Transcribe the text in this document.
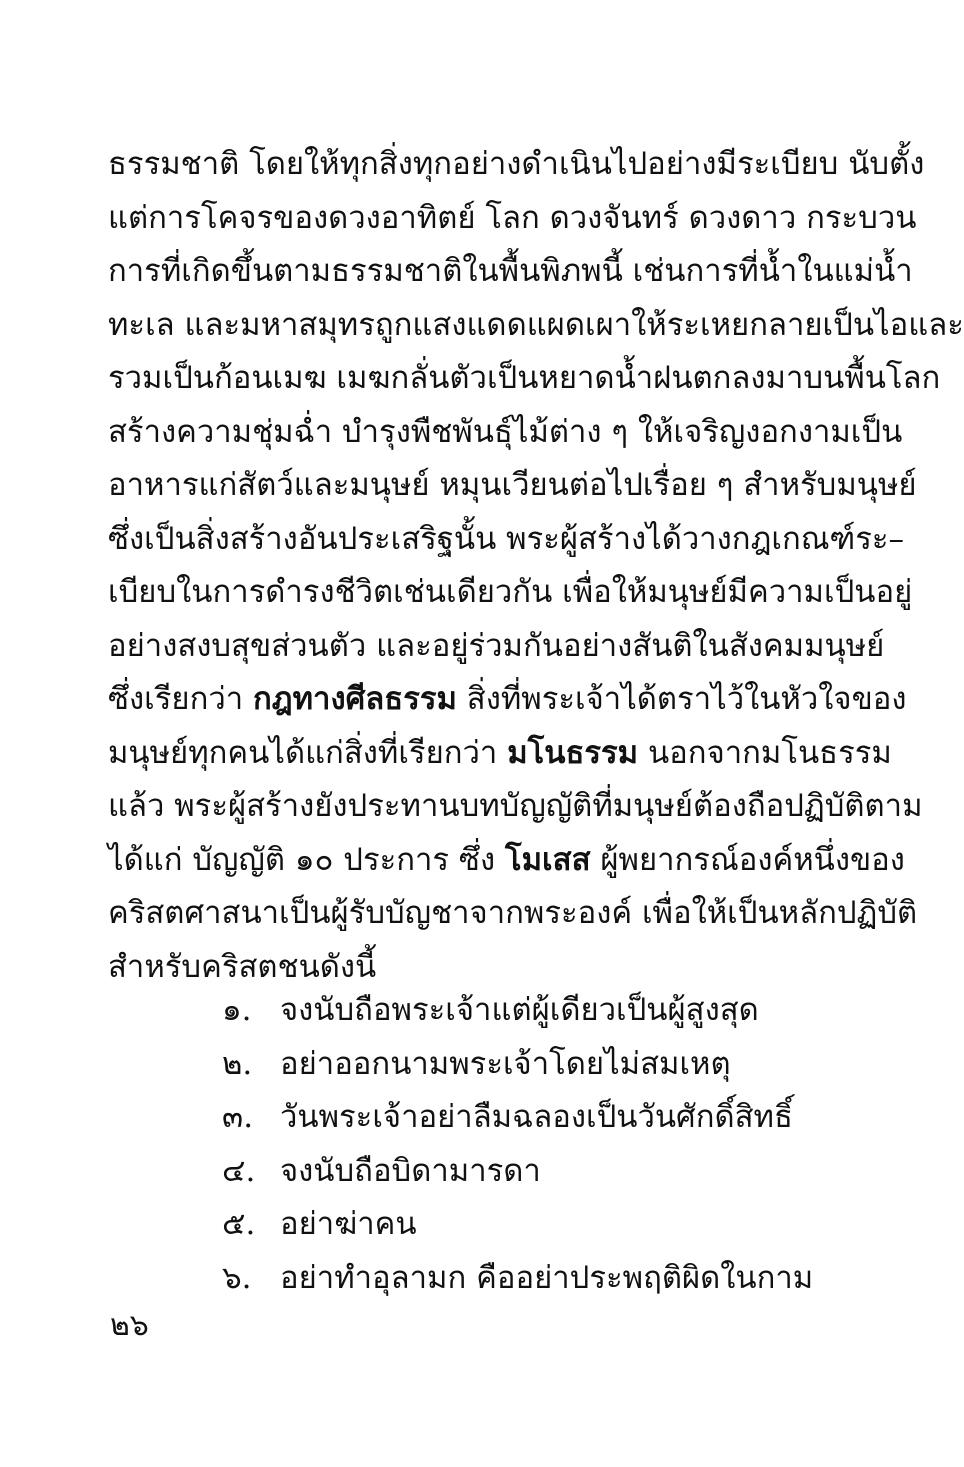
ธรรมชาติ โดยให้ทุกสิ่งทุกอย่างดำเนินไปอย่างมีระเบียบ นับตั้ง
แต่การโคจรของดวงอาทิตย์ โลก ดวงจันทร์ ดวงดาว กระบวน
การที่เกิดขึ้นตามธรรมชาติในพื้นพิภพนี้ เช่นการที่น้ำในแม่น้ำ
ทะเล และมหาสมุทรถูกแสงแดดแผดเผาให้ระเหยกลายเป็นไอและ
รวมเป็นก้อนเมฆ เมฆกลั่นตัวเป็นหยาดน้ำฝนตกลงมาบนพื้นโลก
สร้างความชุ่มฉ่ำ บำรุงพืชพันธุ์ไม้ต่าง ๆ ให้เจริญงอกงามเป็น
อาหารแก่สัตว์และมนุษย์ หมุนเวียนต่อไปเรื่อย ๆ สำหรับมนุษย์
ซึ่งเป็นสิ่งสร้างอันประเสริฐนั้น พระผู้สร้างได้วางกฎเกณฑ์ระ–
เบียบในการดำรงชีวิตเช่นเดียวกัน เพื่อให้มนุษย์มีความเป็นอยู่
อย่างสงบสุขส่วนตัว และอยู่ร่วมกันอย่างสันติในสังคมมนุษย์
ซึ่งเรียกว่า กฎทางศีลธรรม สิ่งที่พระเจ้าได้ตราไว้ในหัวใจของ
มนุษย์ทุกคนได้แก่สิ่งที่เรียกว่า มโนธรรม นอกจากมโนธรรม
แล้ว พระผู้สร้างยังประทานบทบัญญัติที่มนุษย์ต้องถือปฏิบัติตาม
ได้แก่ บัญญัติ ๑๐ ประการ ซึ่ง โมเสส ผู้พยากรณ์องค์หนึ่งของ
คริสตศาสนาเป็นผู้รับบัญชาจากพระองค์ เพื่อให้เป็นหลักปฏิบัติ
สำหรับคริสตชนดังนี้
๑. จงนับถือพระเจ้าแต่ผู้เดียวเป็นผู้สูงสุด
๒. อย่าออกนามพระเจ้าโดยไม่สมเหตุ
๓. วันพระเจ้าอย่าลืมฉลองเป็นวันศักดิ์สิทธิ์
๔. จงนับถือบิดามารดา
๕. อย่าฆ่าคน
๖. อย่าทำอุลามก คืออย่าประพฤติผิดในกาม
๒๖
